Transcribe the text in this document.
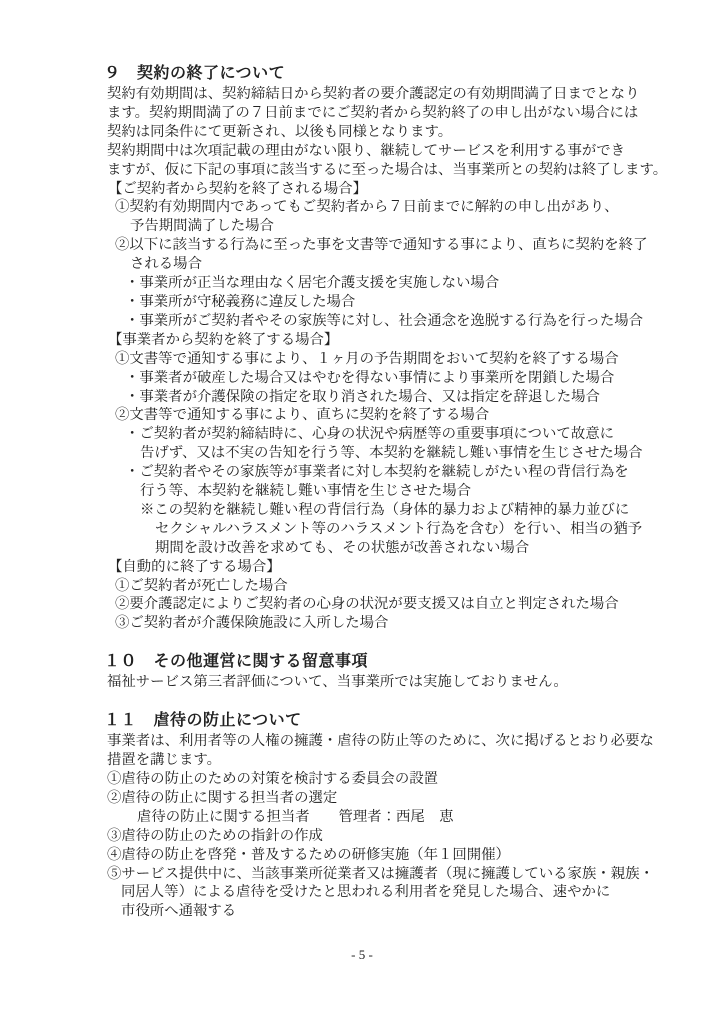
９　契約の終了について
契約有効期間は、契約締結日から契約者の要介護認定の有効期間満了日までとなり
ます。契約期間満了の７日前までにご契約者から契約終了の申し出がない場合には
契約は同条件にて更新され、以後も同様となります。
契約期間中は次項記載の理由がない限り、継続してサービスを利用する事ができ
ますが、仮に下記の事項に該当するに至った場合は、当事業所との契約は終了します。
【ご契約者から契約を終了される場合】
①契約有効期間内であってもご契約者から７日前までに解約の申し出があり、
予告期間満了した場合
②以下に該当する行為に至った事を文書等で通知する事により、直ちに契約を終了
される場合
・事業所が正当な理由なく居宅介護支援を実施しない場合
・事業所が守秘義務に違反した場合
・事業所がご契約者やその家族等に対し、社会通念を逸脱する行為を行った場合
【事業者から契約を終了する場合】
①文書等で通知する事により、１ヶ月の予告期間をおいて契約を終了する場合
・事業者が破産した場合又はやむを得ない事情により事業所を閉鎖した場合
・事業者が介護保険の指定を取り消された場合、又は指定を辞退した場合
②文書等で通知する事により、直ちに契約を終了する場合
・ご契約者が契約締結時に、心身の状況や病歴等の重要事項について故意に
告げず、又は不実の告知を行う等、本契約を継続し難い事情を生じさせた場合
・ご契約者やその家族等が事業者に対し本契約を継続しがたい程の背信行為を
行う等、本契約を継続し難い事情を生じさせた場合
※この契約を継続し難い程の背信行為（身体的暴力および精神的暴力並びに
セクシャルハラスメント等のハラスメント行為を含む）を行い、相当の猶予
期間を設け改善を求めても、その状態が改善されない場合
【自動的に終了する場合】
①ご契約者が死亡した場合
②要介護認定によりご契約者の心身の状況が要支援又は自立と判定された場合
③ご契約者が介護保険施設に入所した場合
１０　その他運営に関する留意事項
福祉サービス第三者評価について、当事業所では実施しておりません。
１１　虐待の防止について
事業者は、利用者等の人権の擁護・虐待の防止等のために、次に掲げるとおり必要な
措置を講じます。
①虐待の防止のための対策を検討する委員会の設置
②虐待の防止に関する担当者の選定
虐待の防止に関する担当者　　管理者：西尾　恵
③虐待の防止のための指針の作成
④虐待の防止を啓発・普及するための研修実施（年１回開催）
⑤サービス提供中に、当該事業所従業者又は擁護者（現に擁護している家族・親族・
同居人等）による虐待を受けたと思われる利用者を発見した場合、速やかに
市役所へ通報する
- 5 -
